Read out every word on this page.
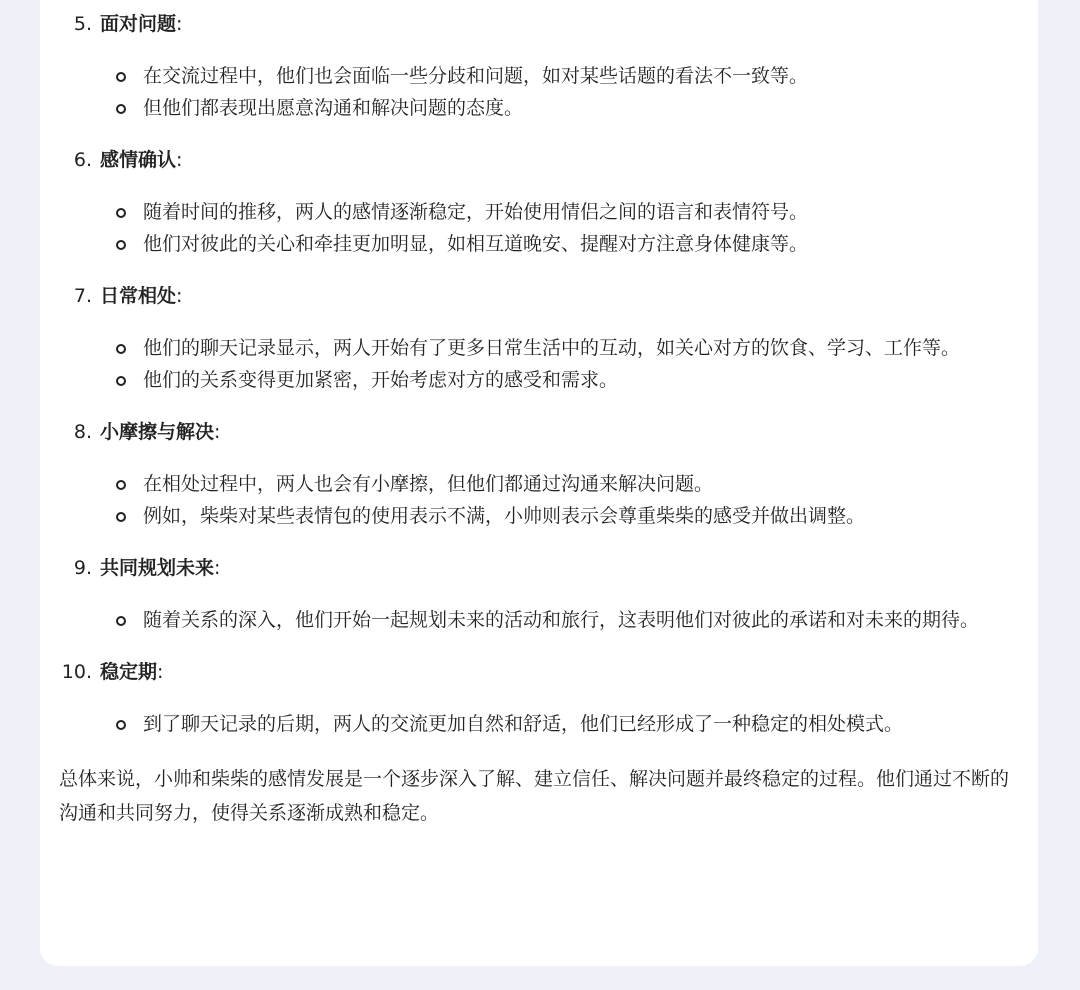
5. 面对问题:
在交流过程中，他们也会面临一些分歧和问题，如对某些话题的看法不一致等。
但他们都表现出愿意沟通和解决问题的态度。
6. 感情确认:
随着时间的推移，两人的感情逐渐稳定，开始使用情侣之间的语言和表情符号。
他们对彼此的关心和牵挂更加明显，如相互道晚安、提醒对方注意身体健康等。
7. 日常相处:
他们的聊天记录显示，两人开始有了更多日常生活中的互动，如关心对方的饮食、学习、工作等。
他们的关系变得更加紧密，开始考虑对方的感受和需求。
8. 小摩擦与解决:
在相处过程中，两人也会有小摩擦，但他们都通过沟通来解决问题。
例如，柴柴对某些表情包的使用表示不满，小帅则表示会尊重柴柴的感受并做出调整。
9. 共同规划未来:
随着关系的深入，他们开始一起规划未来的活动和旅行，这表明他们对彼此的承诺和对未来的期待。
10. 稳定期:
到了聊天记录的后期，两人的交流更加自然和舒适，他们已经形成了一种稳定的相处模式。

总体来说，小帅和柴柴的感情发展是一个逐步深入了解、建立信任、解决问题并最终稳定的过程。他们通过不断的沟通和共同努力，使得关系逐渐成熟和稳定。
